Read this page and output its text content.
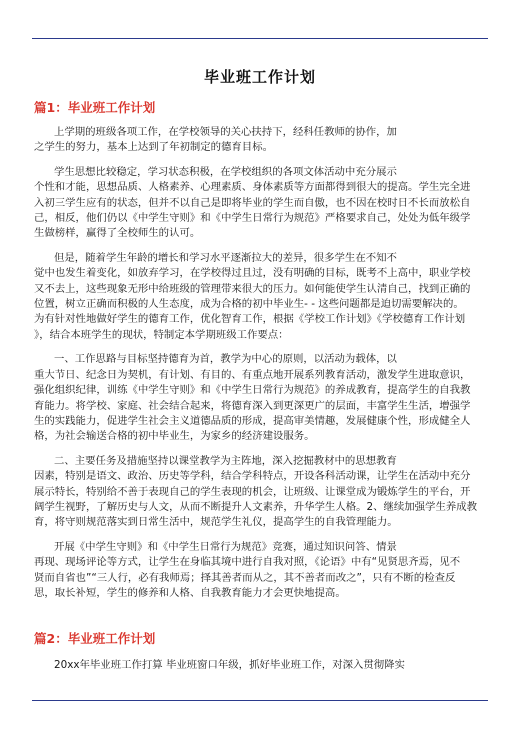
毕业班工作计划
篇1：毕业班工作计划
上学期的班级各项工作，在学校领导的关心扶持下，经科任教师的协作，加
之学生的努力，基本上达到了年初制定的德育目标。
学生思想比较稳定，学习状态积极，在学校组织的各项文体活动中充分展示
个性和才能，思想品质、人格素养、心理素质、身体素质等方面都得到很大的提高。学生完全进
入初三学生应有的状态，但并不以自己是即将毕业的学生而自傲，也不因在校时日不长而放松自
己，相反，他们仍以《中学生守则》和《中学生日常行为规范》严格要求自己，处处为低年级学
生做榜样，赢得了全校师生的认可。
但是，随着学生年龄的增长和学习水平逐渐拉大的差异，很多学生在不知不
觉中也发生着变化，如放弃学习，在学校得过且过，没有明确的目标，既考不上高中，职业学校
又不去上，这些现象无形中给班级的管理带来很大的压力。如何能使学生认清自己，找到正确的
位置，树立正确而积极的人生态度，成为合格的初中毕业生- - 这些问题都是迫切需要解决的。
为有针对性地做好学生的德育工作，优化智育工作，根据《学校工作计划》《学校德育工作计划
》，结合本班学生的现状，特制定本学期班级工作要点：
一、工作思路与目标坚持德育为首，教学为中心的原则，以活动为载体，以
重大节日、纪念日为契机，有计划、有目的、有重点地开展系列教育活动，激发学生进取意识，
强化组织纪律，训练《中学生守则》和《中学生日常行为规范》的养成教育，提高学生的自我教
育能力。将学校、家庭、社会结合起来，将德育深入到更深更广的层面，丰富学生生活，增强学
生的实践能力，促进学生社会主义道德品质的形成，提高审美情趣，发展健康个性，形成健全人
格，为社会输送合格的初中毕业生，为家乡的经济建设服务。
二、主要任务及措施坚持以课堂教学为主阵地，深入挖掘教材中的思想教育
因素，特别是语文、政治、历史等学科，结合学科特点，开设各科活动课，让学生在活动中充分
展示特长，特别给不善于表现自己的学生表现的机会，让班级、让课堂成为锻炼学生的平台，开
阔学生视野，了解历史与人文，从而不断提升人文素养，升华学生人格。2、继续加强学生养成教
育，将守则规范落实到日常生活中，规范学生礼仪，提高学生的自我管理能力。
开展《中学生守则》和《中学生日常行为规范》竞赛，通过知识问答、情景
再现、现场评论等方式，让学生在身临其境中进行自我对照，《论语》中有“见贤思齐焉，见不
贤而自省也”“三人行，必有我师焉；择其善者而从之，其不善者而改之”，只有不断的检查反
思，取长补短，学生的修养和人格、自我教育能力才会更快地提高。
篇2：毕业班工作计划
20xx年毕业班工作打算 毕业班窗口年级，抓好毕业班工作，对深入贯彻降实
